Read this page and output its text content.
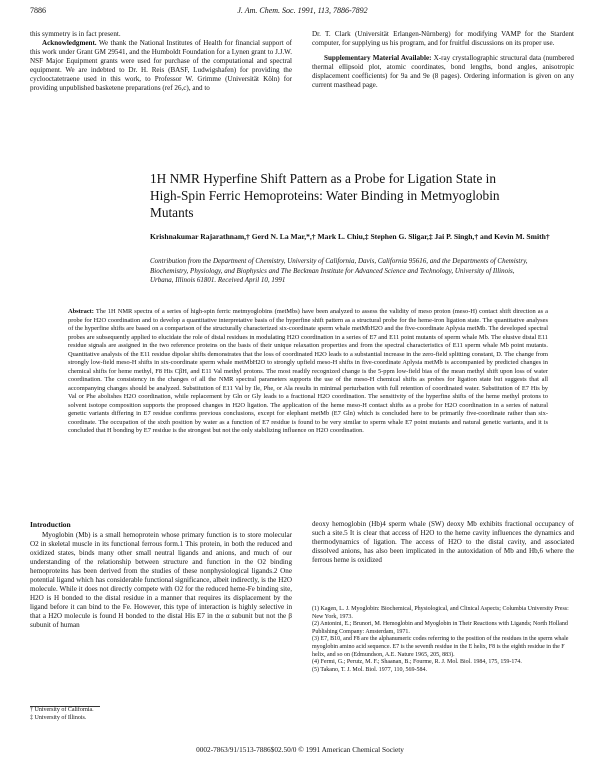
7886	J. Am. Chem. Soc. 1991, 113, 7886-7892
this symmetry is in fact present.
Acknowledgment. We thank the National Institutes of Health for financial support of this work under Grant GM 29541, and the Humboldt Foundation for a Lynen grant to J.J.W. NSF Major Equipment grants were used for purchase of the computational and spectral equipment. We are indebted to Dr. H. Reis (BASF, Ludwigshafen) for providing the cyclooctatetraene used in this work, to Professor W. Grimme (Universität Köln) for providing unpublished basketene preparations (ref 26,c), and to
Dr. T. Clark (Universität Erlangen-Nürnberg) for modifying VAMP for the Stardent computer, for supplying us his program, and for fruitful discussions on its proper use.
Supplementary Material Available: X-ray crystallographic structural data (numbered thermal ellipsoid plot, atomic coordinates, bond lengths, bond angles, anisotropic displacement coefficients) for 9a and 9e (8 pages). Ordering information is given on any current masthead page.
1H NMR Hyperfine Shift Pattern as a Probe for Ligation State in High-Spin Ferric Hemoproteins: Water Binding in Metmyoglobin Mutants
Krishnakumar Rajarathnam,† Gerd N. La Mar,*,† Mark L. Chiu,‡ Stephen G. Sligar,‡ Jai P. Singh,† and Kevin M. Smith†
Contribution from the Department of Chemistry, University of California, Davis, California 95616, and the Departments of Chemistry, Biochemistry, Physiology, and Biophysics and The Beckman Institute for Advanced Science and Technology, University of Illinois, Urbana, Illinois 61801. Received April 10, 1991
Abstract: The 1H NMR spectra of a series of high-spin ferric metmyoglobins (metMbs) have been analyzed to assess the validity of meso proton (meso-H) contact shift direction as a probe for H2O coordination and to develop a quantitative interpretative basis of the hyperfine shift pattern as a structural probe for the heme-iron ligation state. The quantitative analyses of the hyperfine shifts are based on a comparison of the structurally characterized six-coordinate sperm whale metMbH2O and the five-coordinate Aplysia metMb. The developed spectral probes are subsequently applied to elucidate the role of distal residues in modulating H2O coordination in a series of E7 and E11 point mutants of sperm whale Mb. The elusive distal E11 residue signals are assigned in the two reference proteins on the basis of their unique relaxation properties and from the spectral characteristics of E11 sperm whale Mb point mutants. Quantitative analysis of the E11 residue dipolar shifts demonstrates that the loss of coordinated H2O leads to a substantial increase in the zero-field splitting constant, D. The change from strongly low-field meso-H shifts in six-coordinate sperm whale metMbH2O to strongly upfield meso-H shifts in five-coordinate Aplysia metMb is accompanied by predicted changes in chemical shifts for heme methyl, F8 His CβH, and E11 Val methyl protons. The most readily recognized change is the 5-ppm low-field bias of the mean methyl shift upon loss of water coordination. The consistency in the changes of all the NMR spectral parameters supports the use of the meso-H chemical shifts as probes for ligation state but suggests that all accompanying changes should be analyzed. Substitution of E11 Val by Ile, Phe, or Ala results in minimal perturbation with full retention of coordinated water. Substitution of E7 His by Val or Phe abolishes H2O coordination, while replacement by Gln or Gly leads to a fractional H2O coordination. The sensitivity of the hyperfine shifts of the heme methyl protons to solvent isotope composition supports the proposed changes in H2O ligation. The application of the heme meso-H contact shifts as a probe for H2O coordination in a series of natural genetic variants differing in E7 residue confirms previous conclusions, except for elephant metMb (E7 Gln) which is concluded here to be primarily five-coordinate rather than six-coordinate. The occupation of the sixth position by water as a function of E7 residue is found to be very similar to sperm whale E7 point mutants and natural genetic variants, and it is concluded that H bonding by E7 residue is the strongest but not the only stabilizing influence on H2O coordination.
Introduction
Myoglobin (Mb) is a small hemoprotein whose primary function is to store molecular O2 in skeletal muscle in its functional ferrous form.1 This protein, in both the reduced and oxidized states, binds many other small neutral ligands and anions, and much of our understanding of the relationship between structure and function in the O2 binding hemoproteins has been derived from the studies of these nonphysiological ligands.2 One potential ligand which has considerable functional significance, albeit indirectly, is the H2O molecule. While it does not directly compete with O2 for the reduced heme-Fe binding site, H2O is H bonded to the distal residue in a manner that requires its displacement by the ligand before it can bind to the Fe. However, this type of interaction is highly selective in that a H2O molecule is found H bonded to the distal His E7 in the α subunit but not the β subunit of human
† University of California.
‡ University of Illinois.
deoxy hemoglobin (Hb)4 sperm whale (SW) deoxy Mb exhibits fractional occupancy of such a site.5 It is clear that access of H2O to the heme cavity influences the dynamics and thermodynamics of ligation. The access of H2O to the distal cavity, and associated dissolved anions, has also been implicated in the autoxidation of Mb and Hb,6 where the ferrous heme is oxidized
(1) Kagen, L. J. Myoglobin: Biochemical, Physiological, and Clinical Aspects; Columbia University Press: New York, 1973.
(2) Antonini, E.; Brunori, M. Hemoglobin and Myoglobin in Their Reactions with Ligands; North Holland Publishing Company: Amsterdam, 1971.
(3) E7, B10, and F8 are the alphanumeric codes referring to the position of the residues in the sperm whale myoglobin amino acid sequence. E7 is the seventh residue in the E helix, F8 is the eighth residue in the F helix, and so on (Edmundson, A.E. Nature 1965, 205, 883).
(4) Fermi, G.; Perutz, M. F.; Shaanan, B.; Fourme, R. J. Mol. Biol. 1984, 175, 159-174.
(5) Takano, T. J. Mol. Biol. 1977, 110, 569-584.
0002-7863/91/1513-7886$02.50/0 © 1991 American Chemical Society
